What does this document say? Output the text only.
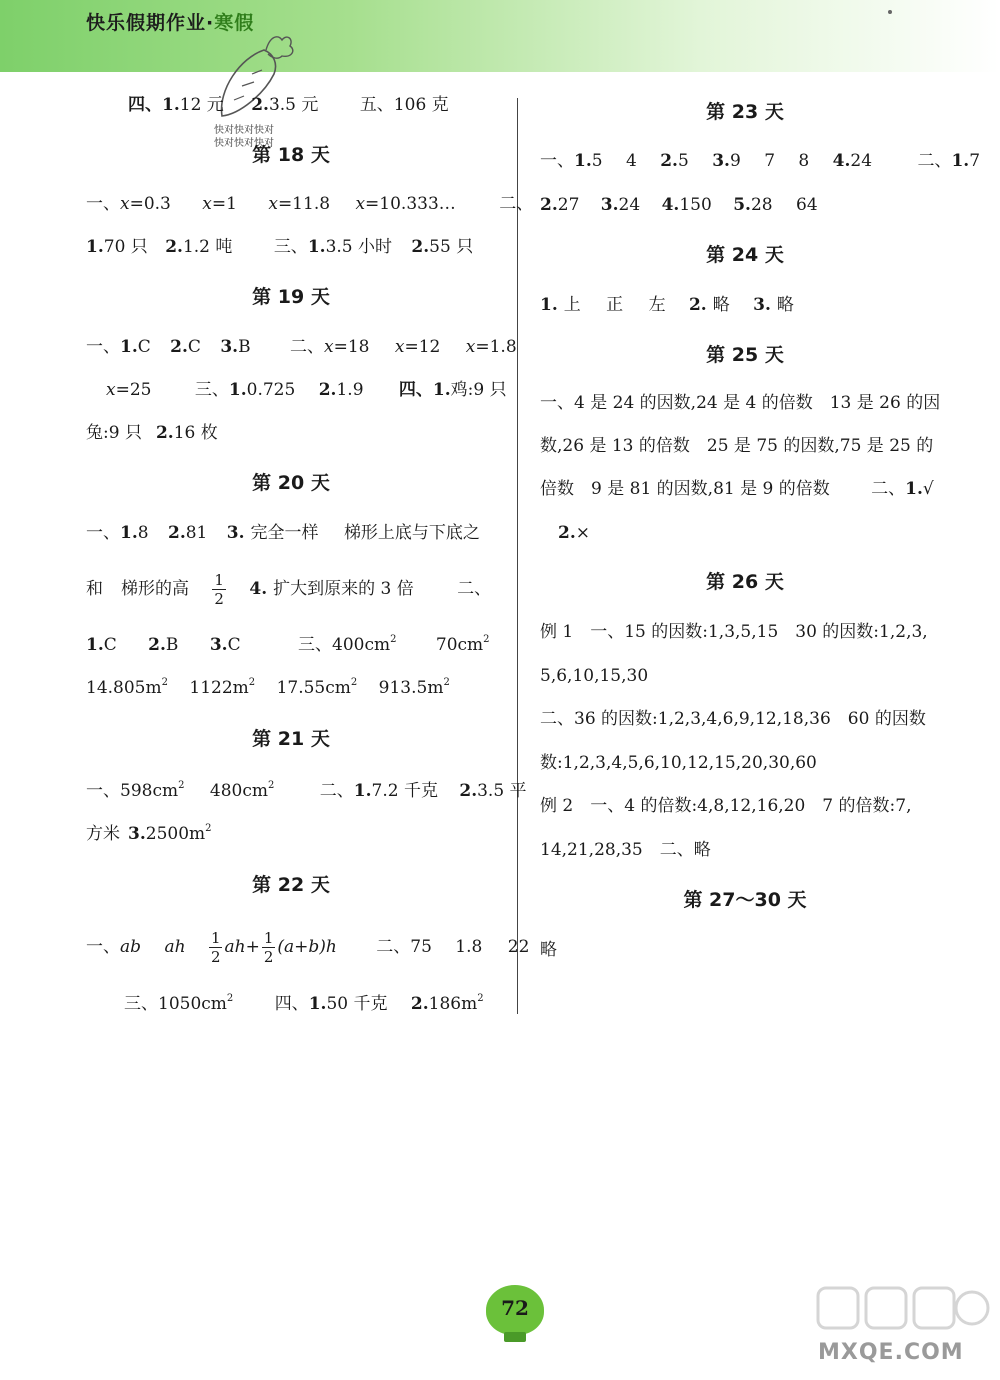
快乐假期作业·寒假
快对快对快对
快对快对快对
四、1.12 元 2.3.5 元 五、106 克
第 18 天
一、x=0.3 x=1 x=11.8 x=10.333…	二、
1.70 只 2.1.2 吨 三、1.3.5 小时 2.55 只
第 19 天
一、1.C 2.C 3.B 二、x=18 x=12 x=1.8
x=25	三、1.0.725 2.1.9 四、1.鸡:9 只
兔:9 只 2.16 枚
第 20 天
一、1.8 2.81 3. 完全一样 梯形上底与下底之
和 梯形的高 $\frac{1}{2} 4$. 扩大到原来的 3 倍	二、
1.C 2.B 3.C	三、$400cm^2$ $70cm^2$
$14.805m^2$ $1122m^2$ $17.55cm^2$ $913.5m^2$
第 21 天
一、$598cm^2$ $480cm^2$	二、1.7.2 千克 2.3.5 平
方米 $3.2500m^2$
第 22 天
一、ab ah $\frac{1}{2} ah+ \frac{1}{2} (a+b)h$ 二、75 1.8 22
三、$1050cm^2$ 四、1.50 千克 $2.186m^2$
第 23 天
一、1.5 4 2.5 3.9 7 8 4.24	二、1.7
2.27 3.24 4.150 5.28 64
第 24 天
1. 上 正 左 2. 略 3. 略
第 25 天
一、4 是 24 的因数,24 是 4 的倍数　13 是 26 的因
数,26 是 13 的倍数　25 是 75 的因数,75 是 25 的
倍数　9 是 81 的因数,81 是 9 的倍数 二、1.√
2.×
第 26 天
例 1　一、15 的因数:1,3,5,15　30 的因数:1,2,3,
5,6,10,15,30
二、36 的因数:1,2,3,4,6,9,12,18,36　60 的因数
数:1,2,3,4,5,6,10,12,15,20,30,60
例 2　一、4 的倍数:4,8,12,16,20　7 的倍数:7,
14,21,28,35　二、略
第 27～30 天
略
72
MXQE.COM
